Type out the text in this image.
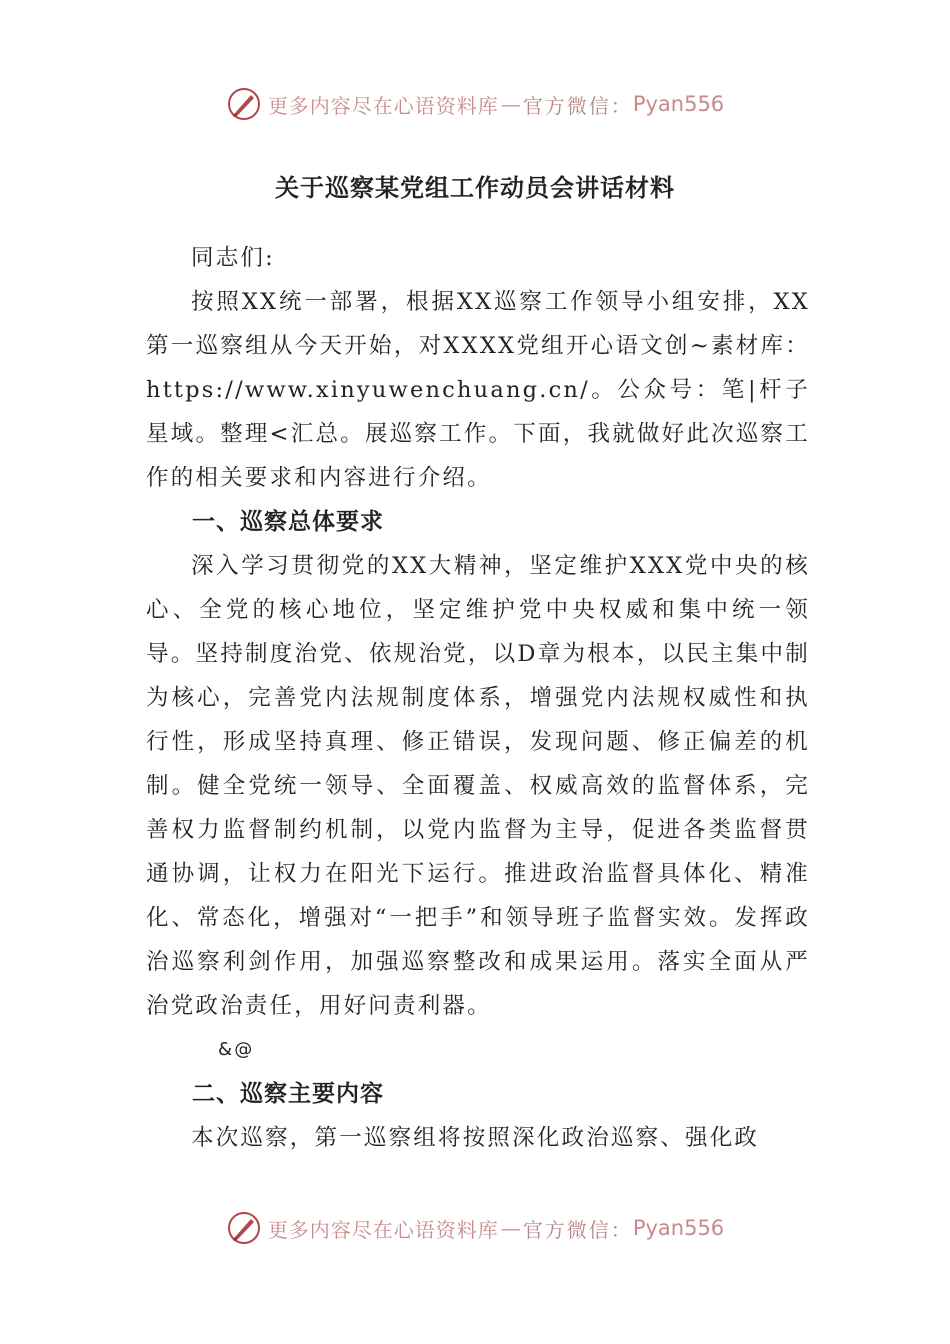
更多内容尽在心语资料库 — 官方微信： Pyan556
关于巡察某党组工作动员会讲话材料

同志们:

按照XX统一部署，根据XX巡察工作领导小组安排，XX第一巡察组从今天开始，对XXXX党组开心语文创~素材库：https://www.xinyuwenchuang.cn/。公众号：笔|杆子星域。整理<汇总。展巡察工作。下面，我就做好此次巡察工作的相关要求和内容进行介绍。

一、巡察总体要求

深入学习贯彻党的XX大精神，坚定维护XXX党中央的核心、全党的核心地位，坚定维护党中央权威和集中统一领导。坚持制度治党、依规治党，以D章为根本，以民主集中制为核心，完善党内法规制度体系，增强党内法规权威性和执行性，形成坚持真理、修正错误，发现问题、修正偏差的机制。健全党统一领导、全面覆盖、权威高效的监督体系，完善权力监督制约机制，以党内监督为主导，促进各类监督贯通协调，让权力在阳光下运行。推进政治监督具体化、精准化、常态化，增强对“一把手”和领导班子监督实效。发挥政治巡察利剑作用，加强巡察整改和成果运用。落实全面从严治党政治责任，用好问责利器。

&@

二、巡察主要内容

本次巡察，第一巡察组将按照深化政治巡察、强化政

更多内容尽在心语资料库 — 官方微信： Pyan556
